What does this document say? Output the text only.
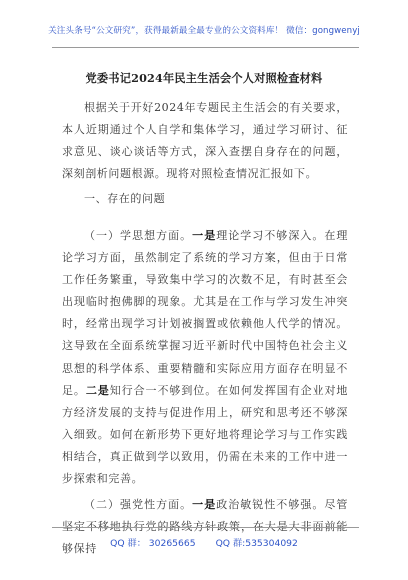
关注头条号“公文研究”，获得最新最全最专业的公文资料库！ 微信：gongwenyj
党委书记2024年民主生活会个人对照检查材料
根据关于开好2024年专题民主生活会的有关要求，本人近期通过个人自学和集体学习，通过学习研讨、征求意见、谈心谈话等方式，深入查摆自身存在的问题，深刻剖析问题根源。现将对照检查情况汇报如下。
一、存在的问题
（一）学思想方面。一是理论学习不够深入。在理论学习方面，虽然制定了系统的学习方案，但由于日常工作任务繁重，导致集中学习的次数不足，有时甚至会出现临时抱佛脚的现象。尤其是在工作与学习发生冲突时，经常出现学习计划被搁置或依赖他人代学的情况。这导致在全面系统掌握习近平新时代中国特色社会主义思想的科学体系、重要精髓和实际应用方面存在明显不足。二是知行合一不够到位。在如何发挥国有企业对地方经济发展的支持与促进作用上，研究和思考还不够深入细致。如何在新形势下更好地将理论学习与工作实践相结合，真正做到学以致用，仍需在未来的工作中进一步探索和完善。
（二）强党性方面。一是政治敏锐性不够强。尽管坚定不移地执行党的路线方针政策，在大是大非面前能够保持	QQ 群： 30265665 QQ 群:535304092
